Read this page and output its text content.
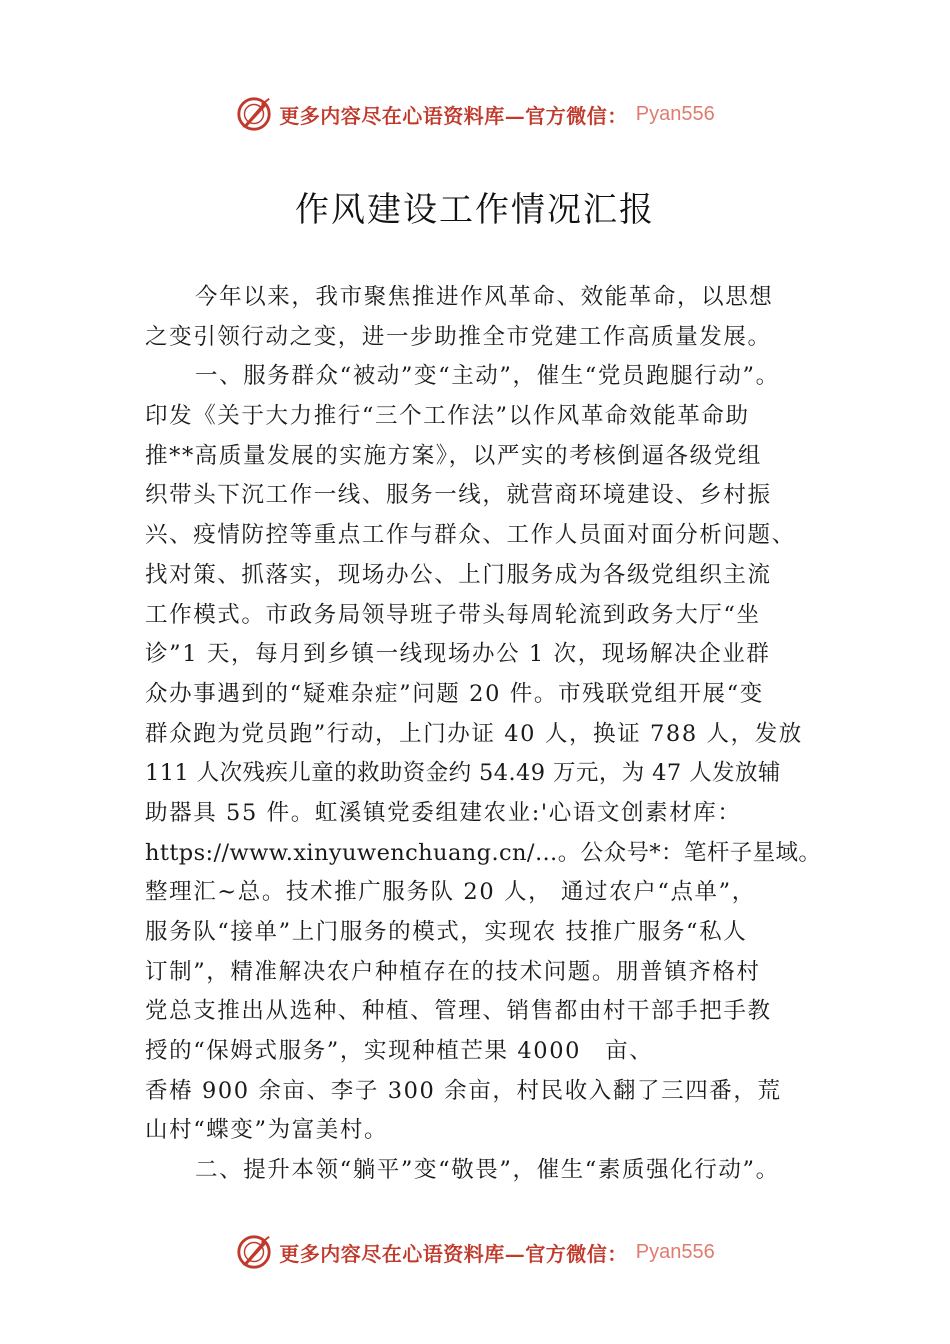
更多内容尽在心语资料库—官方微信： Pyan556
作风建设工作情况汇报
今年以来，我市聚焦推进作风革命、效能革命，以思想
之变引领行动之变，进一步助推全市党建工作高质量发展。
一、服务群众“被动”变“主动”，催生“党员跑腿行动”。
印发《关于大力推行“三个工作法”以作风革命效能革命助
推**高质量发展的实施方案》，以严实的考核倒逼各级党组
织带头下沉工作一线、服务一线，就营商环境建设、乡村振
兴、疫情防控等重点工作与群众、工作人员面对面分析问题、
找对策、抓落实，现场办公、上门服务成为各级党组织主流
工作模式。市政务局领导班子带头每周轮流到政务大厅“坐
诊”1 天，每月到乡镇一线现场办公 1 次，现场解决企业群
众办事遇到的“疑难杂症”问题 20 件。市残联党组开展“变
群众跑为党员跑”行动，上门办证 40 人，换证 788 人，发放
111 人次残疾儿童的救助资金约 54.49 万元，为 47 人发放辅
助器具 55 件。虹溪镇党委组建农业:'心语文创素材库：
https://www.xinyuwenchuang.cn/…。公众号*：笔杆子星域。
整理汇~总。技术推广服务队 20 人， 通过农户“点单”，
服务队“接单”上门服务的模式，实现农 技推广服务“私人
订制”，精准解决农户种植存在的技术问题。朋普镇齐格村
党总支推出从选种、种植、管理、销售都由村干部手把手教
授的“保姆式服务”，实现种植芒果 4000　亩、
香椿 900 余亩、李子 300 余亩，村民收入翻了三四番，荒
山村“蝶变”为富美村。
二、提升本领“躺平”变“敬畏”，催生“素质强化行动”。
更多内容尽在心语资料库—官方微信： Pyan556
